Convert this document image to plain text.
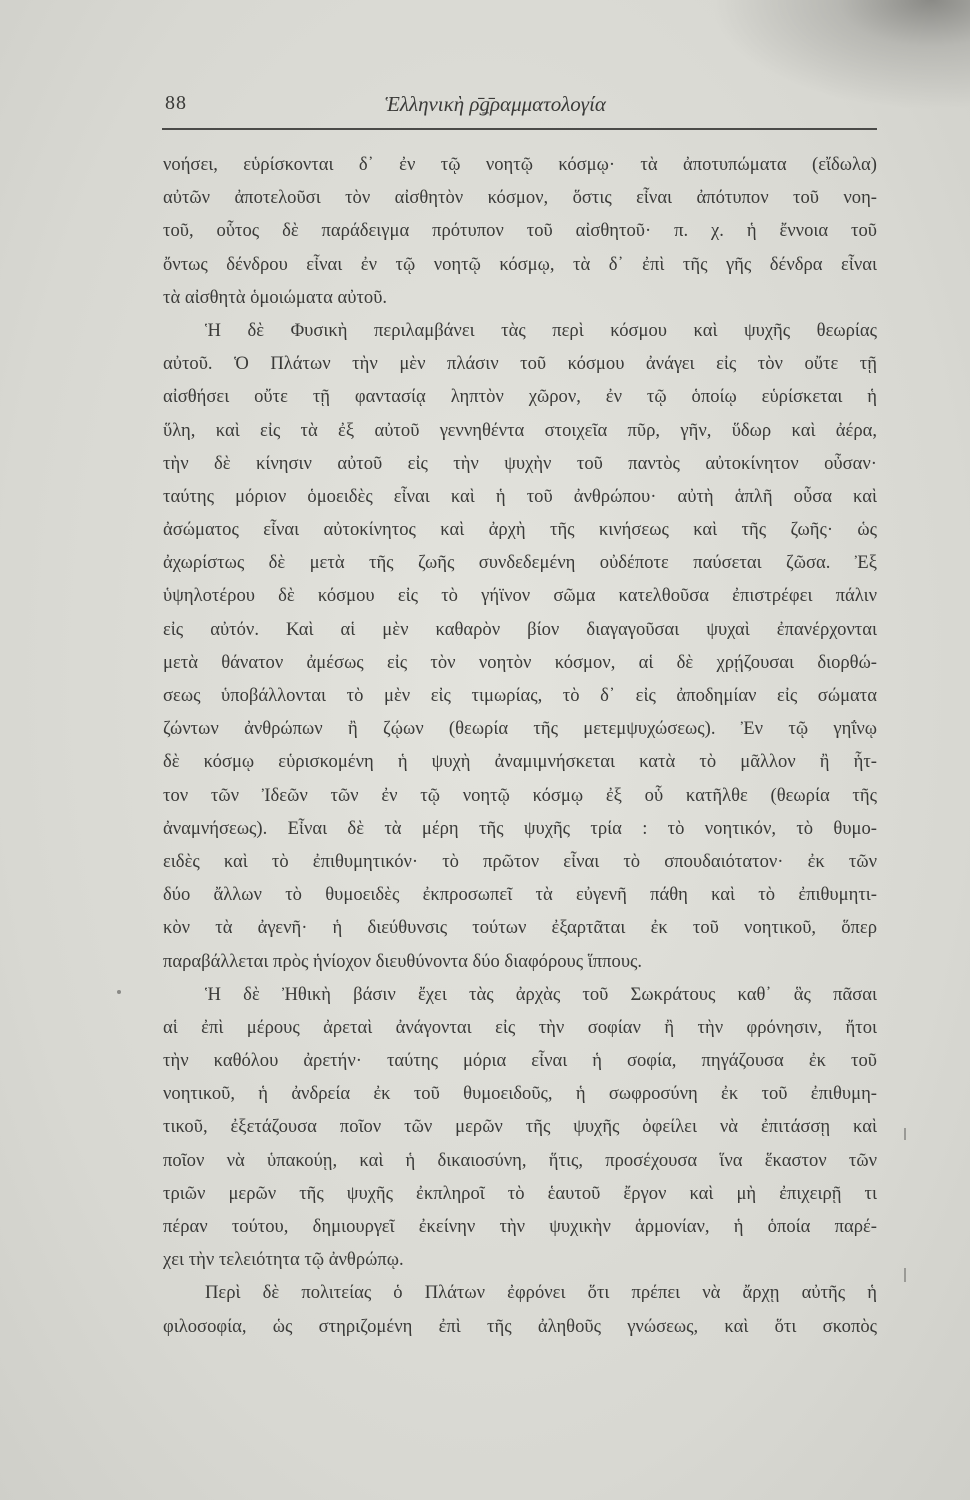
88	Ἑλληνικὴ ρ̄ǥ̄ραμματολογία
νοήσει, εὑρίσκονται δ᾽ ἐν τῷ νοητῷ κόσμῳ· τὰ ἀποτυπώματα (εἴδωλα)
αὐτῶν ἀποτελοῦσι τὸν αἰσθητὸν κόσμον, ὅστις εἶναι ἀπότυπον τοῦ νοη-
τοῦ, οὗτος δὲ παράδειγμα πρότυπον τοῦ αἰσθητοῦ· π. χ. ἡ ἔννοια τοῦ
ὄντως δένδρου εἶναι ἐν τῷ νοητῷ κόσμῳ, τὰ δ᾽ ἐπὶ τῆς γῆς δένδρα εἶναι
τὰ αἰσθητὰ ὁμοιώματα αὐτοῦ.
Ἡ δὲ Φυσικὴ περιλαμβάνει τὰς περὶ κόσμου καὶ ψυχῆς θεωρίας
αὐτοῦ. Ὁ Πλάτων τὴν μὲν πλάσιν τοῦ κόσμου ἀνάγει εἰς τὸν οὔτε τῇ
αἰσθήσει οὔτε τῇ φαντασίᾳ ληπτὸν χῶρον, ἐν τῷ ὁποίῳ εὑρίσκεται ἡ
ὕλη, καὶ εἰς τὰ ἐξ αὐτοῦ γεννηθέντα στοιχεῖα πῦρ, γῆν, ὕδωρ καὶ ἀέρα,
τὴν δὲ κίνησιν αὐτοῦ εἰς τὴν ψυχὴν τοῦ παντὸς αὐτοκίνητον οὖσαν·
ταύτης μόριον ὁμοειδὲς εἶναι καὶ ἡ τοῦ ἀνθρώπου· αὐτὴ ἁπλῆ οὖσα καὶ
ἀσώματος εἶναι αὐτοκίνητος καὶ ἀρχὴ τῆς κινήσεως καὶ τῆς ζωῆς· ὡς
ἀχωρίστως δὲ μετὰ τῆς ζωῆς συνδεδεμένη οὐδέποτε παύσεται ζῶσα. Ἐξ
ὑψηλοτέρου δὲ κόσμου εἰς τὸ γήϊνον σῶμα κατελθοῦσα ἐπιστρέφει πάλιν
εἰς αὐτόν. Καὶ αἱ μὲν καθαρὸν βίον διαγαγοῦσαι ψυχαὶ ἐπανέρχονται
μετὰ θάνατον ἀμέσως εἰς τὸν νοητὸν κόσμον, αἱ δὲ χρῄζουσαι διορθώ-
σεως ὑποβάλλονται τὸ μὲν εἰς τιμωρίας, τὸ δ᾽ εἰς ἀποδημίαν εἰς σώματα
ζώντων ἀνθρώπων ἢ ζῴων (θεωρία τῆς μετεμψυχώσεως). Ἐν τῷ γηΐνῳ
δὲ κόσμῳ εὑρισκομένη ἡ ψυχὴ ἀναμιμνήσκεται κατὰ τὸ μᾶλλον ἢ ἧτ-
τον τῶν Ἰδεῶν τῶν ἐν τῷ νοητῷ κόσμῳ ἐξ οὗ κατῆλθε (θεωρία τῆς
ἀναμνήσεως). Εἶναι δὲ τὰ μέρη τῆς ψυχῆς τρία : τὸ νοητικόν, τὸ θυμο-
ειδὲς καὶ τὸ ἐπιθυμητικόν· τὸ πρῶτον εἶναι τὸ σπουδαιότατον· ἐκ τῶν
δύο ἄλλων τὸ θυμοειδὲς ἐκπροσωπεῖ τὰ εὐγενῆ πάθη καὶ τὸ ἐπιθυμητι-
κὸν τὰ ἀγενῆ· ἡ διεύθυνσις τούτων ἐξαρτᾶται ἐκ τοῦ νοητικοῦ, ὅπερ
παραβάλλεται πρὸς ἡνίοχον διευθύνοντα δύο διαφόρους ἵππους.
Ἡ δὲ Ἠθικὴ βάσιν ἔχει τὰς ἀρχὰς τοῦ Σωκράτους καθ᾽ ἃς πᾶσαι
αἱ ἐπὶ μέρους ἀρεταὶ ἀνάγονται εἰς τὴν σοφίαν ἢ τὴν φρόνησιν, ἤτοι
τὴν καθόλου ἀρετήν· ταύτης μόρια εἶναι ἡ σοφία, πηγάζουσα ἐκ τοῦ
νοητικοῦ, ἡ ἀνδρεία ἐκ τοῦ θυμοειδοῦς, ἡ σωφροσύνη ἐκ τοῦ ἐπιθυμη-
τικοῦ, ἐξετάζουσα ποῖον τῶν μερῶν τῆς ψυχῆς ὀφείλει νὰ ἐπιτάσσῃ καὶ
ποῖον νὰ ὑπακούῃ, καὶ ἡ δικαιοσύνη, ἥτις, προσέχουσα ἵνα ἕκαστον τῶν
τριῶν μερῶν τῆς ψυχῆς ἐκπληροῖ τὸ ἑαυτοῦ ἔργον καὶ μὴ ἐπιχειρῇ τι
πέραν τούτου, δημιουργεῖ ἐκείνην τὴν ψυχικὴν ἁρμονίαν, ἡ ὁποία παρέ-
χει τὴν τελειότητα τῷ ἀνθρώπῳ.
Περὶ δὲ πολιτείας ὁ Πλάτων ἐφρόνει ὅτι πρέπει νὰ ἄρχῃ αὐτῆς ἡ
φιλοσοφία, ὡς στηριζομένη ἐπὶ τῆς ἀληθοῦς γνώσεως, καὶ ὅτι σκοπὸς
